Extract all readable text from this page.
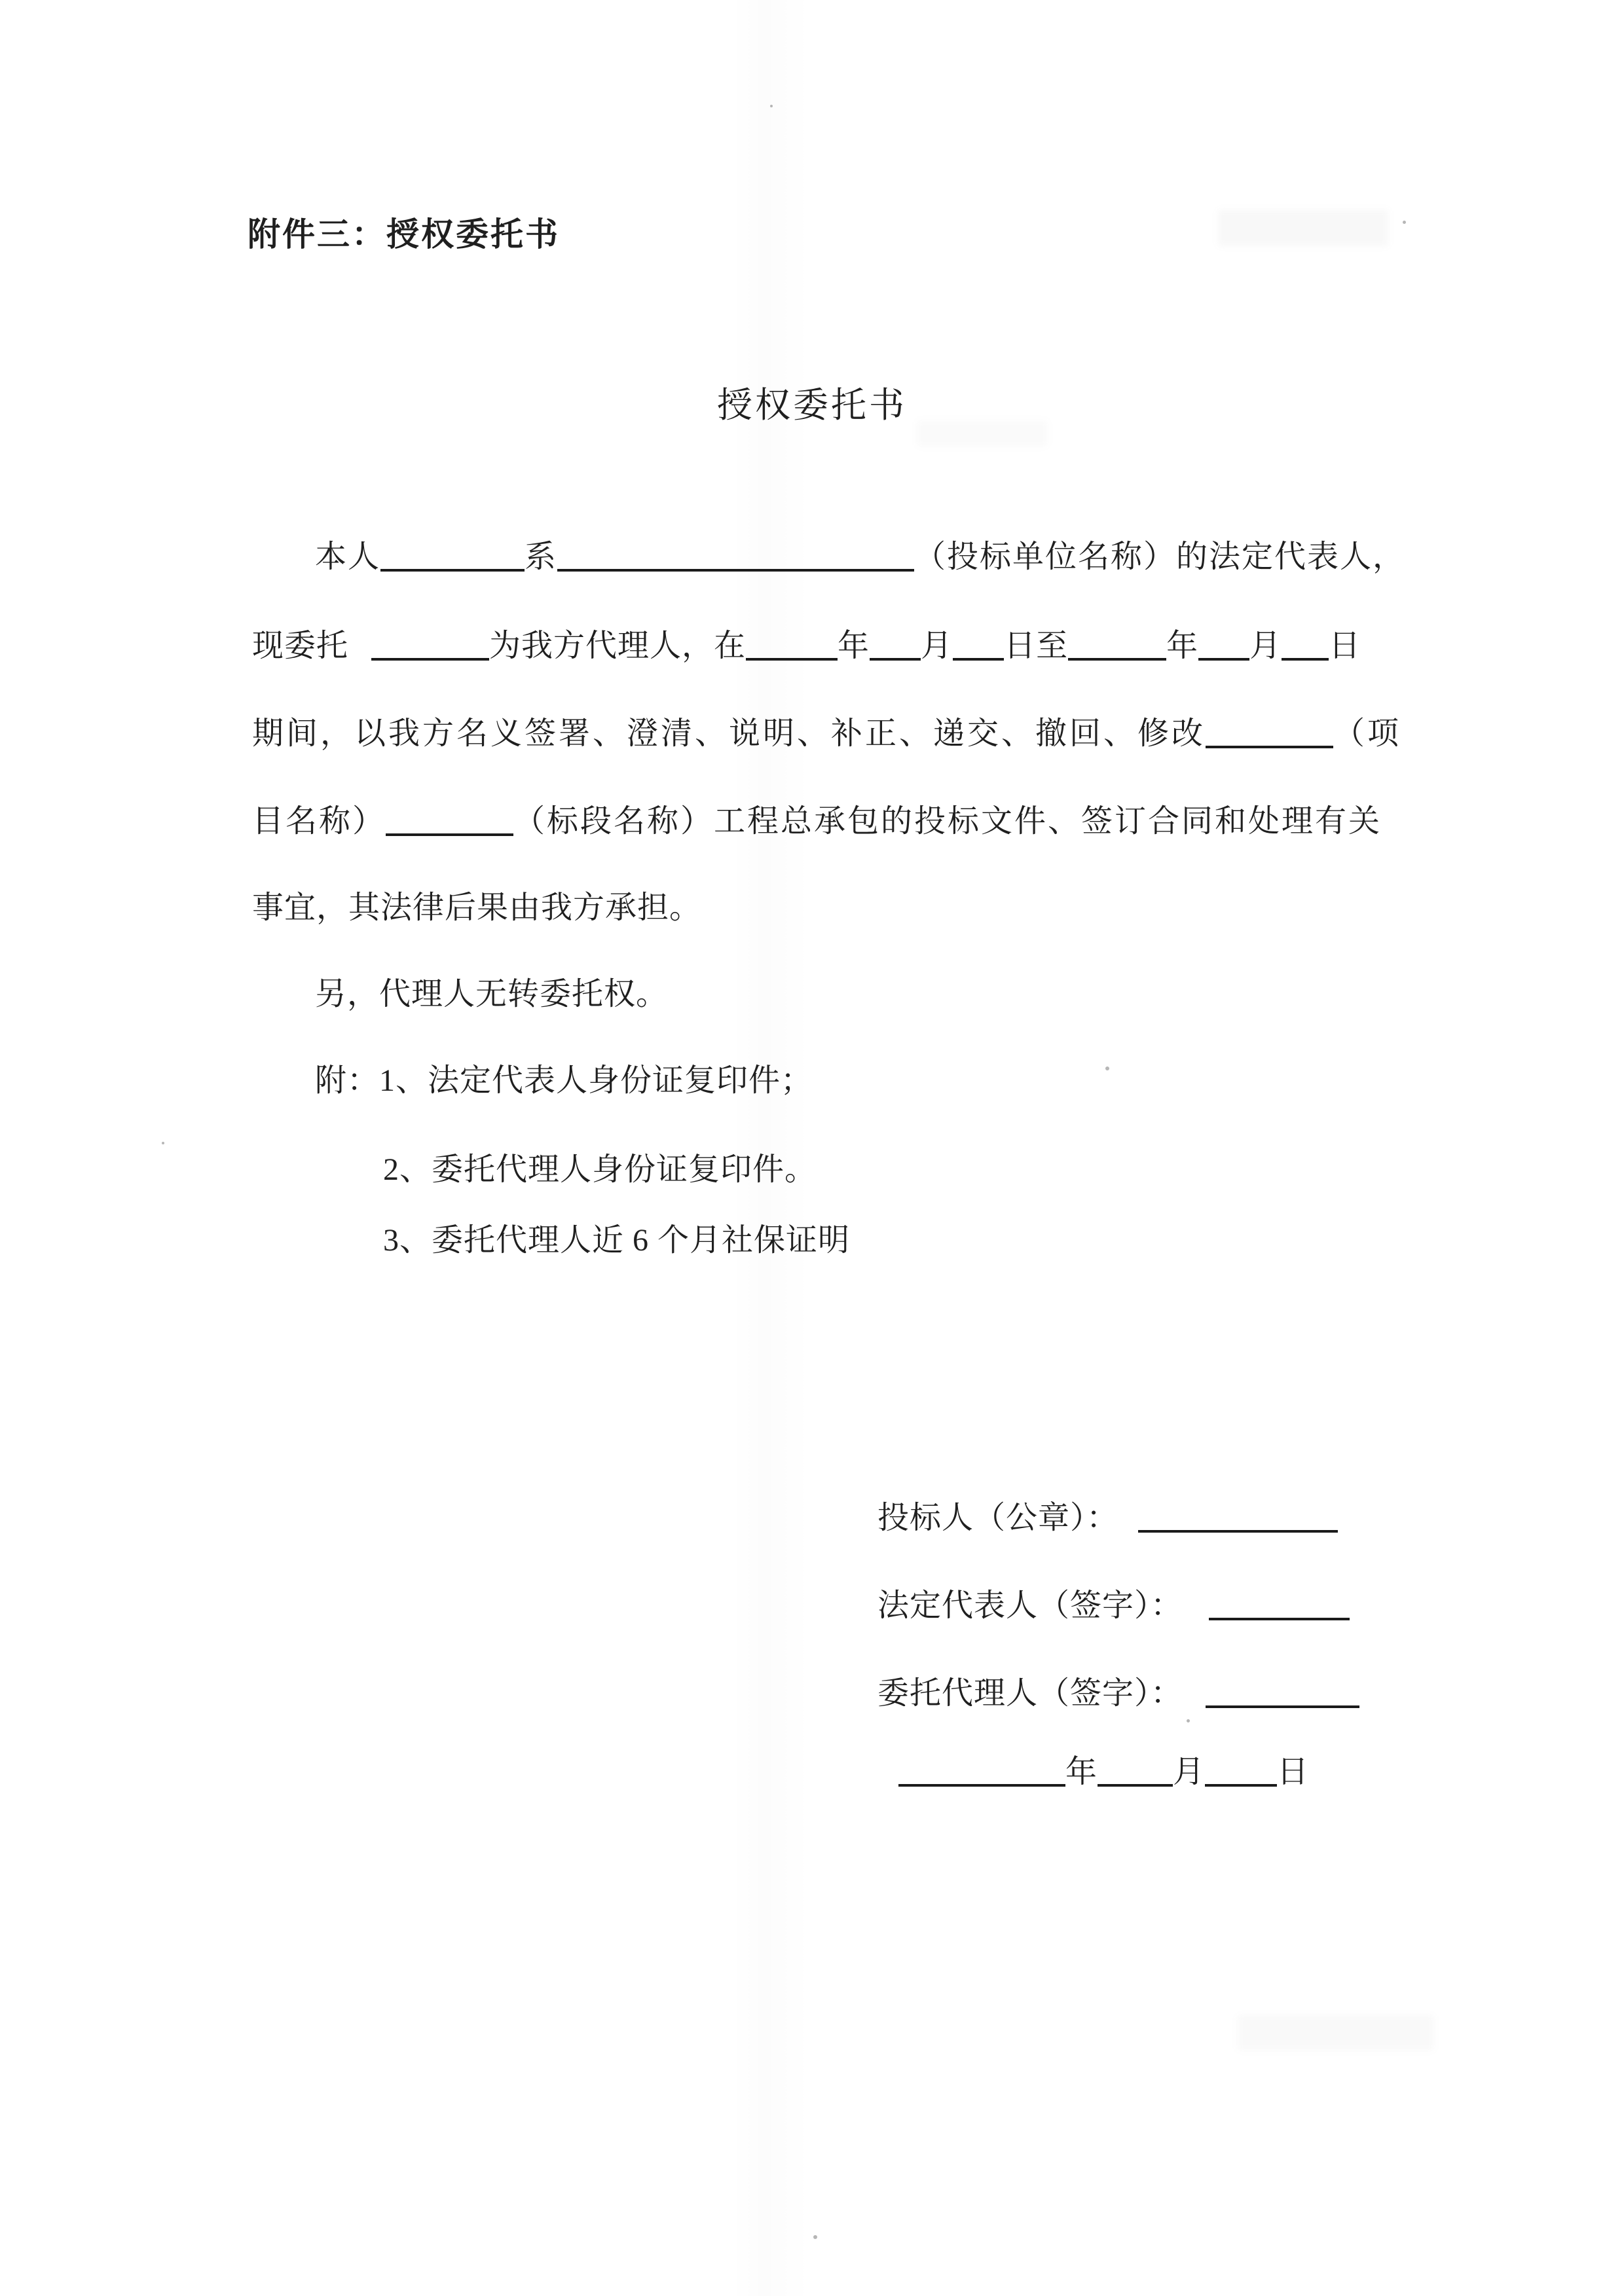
附件三：授权委托书
授权委托书
本人	系	（投标单位名称）的法定代表人，
现委托	为我方代理人，在	年 月 日至	年 月 日
期间，以我方名义签署、澄清、说明、补正、递交、撤回、修改	（项
目名称）	（标段名称）工程总承包的投标文件、签订合同和处理有关
事宜，其法律后果由我方承担。
另，代理人无转委托权。
附：1、法定代表人身份证复印件；
2、委托代理人身份证复印件。
3、委托代理人近 6 个月社保证明
投标人（公章）：
法定代表人（签字）：
委托代理人（签字）：
年 月 日
